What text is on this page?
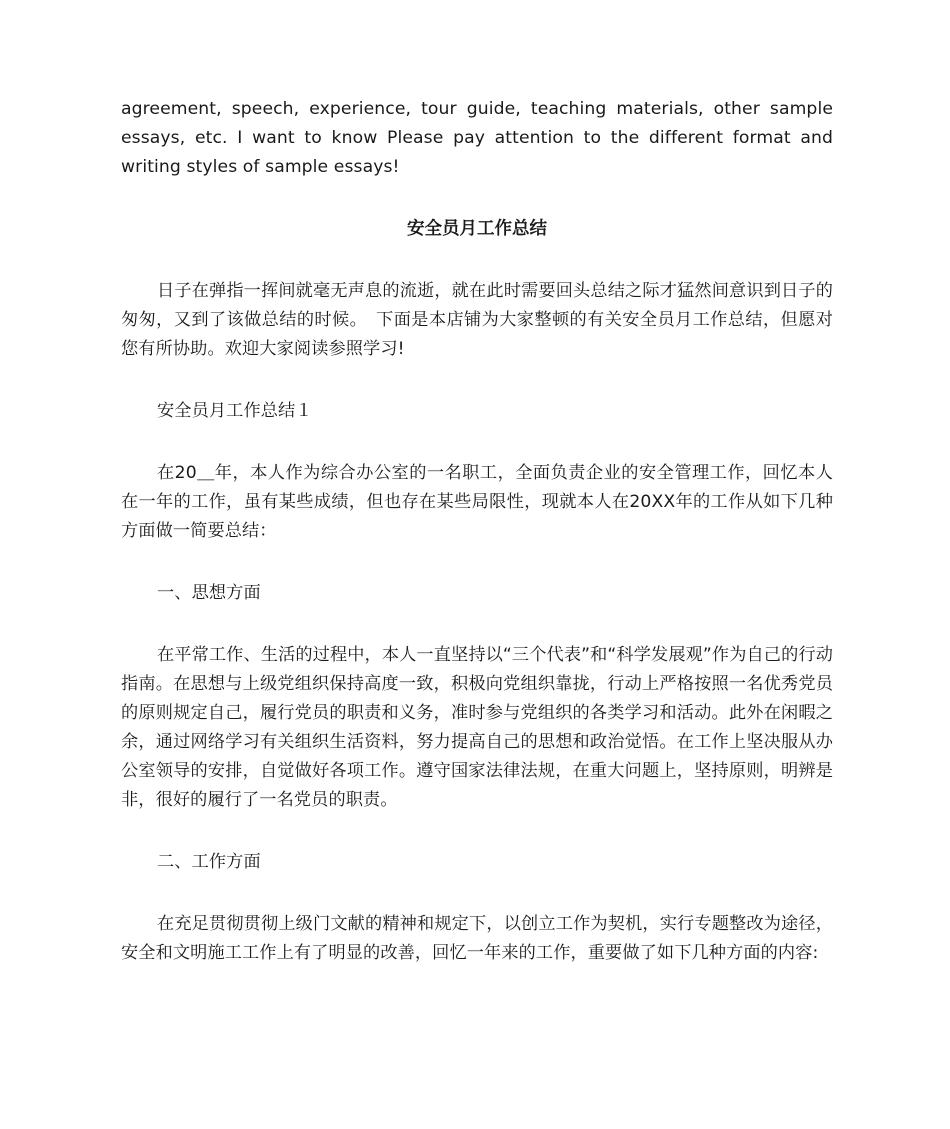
agreement, speech, experience, tour guide, teaching materials, other sample essays, etc. I want to know Please pay attention to the different format and writing styles of sample essays!

安全员月工作总结

日子在弹指一挥间就毫无声息的流逝，就在此时需要回头总结之际才猛然间意识到日子的匆匆，又到了该做总结的时候。　下面是本店铺为大家整顿的有关安全员月工作总结，但愿对您有所协助。欢迎大家阅读参照学习!

安全员月工作总结１

在20＿年，本人作为综合办公室的一名职工，全面负责企业的安全管理工作，回忆本人在一年的工作，虽有某些成绩，但也存在某些局限性，现就本人在20XX年的工作从如下几种方面做一简要总结：

一、思想方面

在平常工作、生活的过程中，本人一直坚持以“三个代表”和“科学发展观”作为自己的行动指南。在思想与上级党组织保持高度一致，积极向党组织靠拢，行动上严格按照一名优秀党员的原则规定自己，履行党员的职责和义务，准时参与党组织的各类学习和活动。此外在闲暇之余，通过网络学习有关组织生活资料，努力提高自己的思想和政治觉悟。在工作上坚决服从办公室领导的安排，自觉做好各项工作。遵守国家法律法规，在重大问题上，坚持原则，明辨是非，很好的履行了一名党员的职责。

二、工作方面

在充足贯彻贯彻上级门文献的精神和规定下，以创立工作为契机，实行专题整改为途径，安全和文明施工工作上有了明显的改善，回忆一年来的工作，重要做了如下几种方面的内容:
